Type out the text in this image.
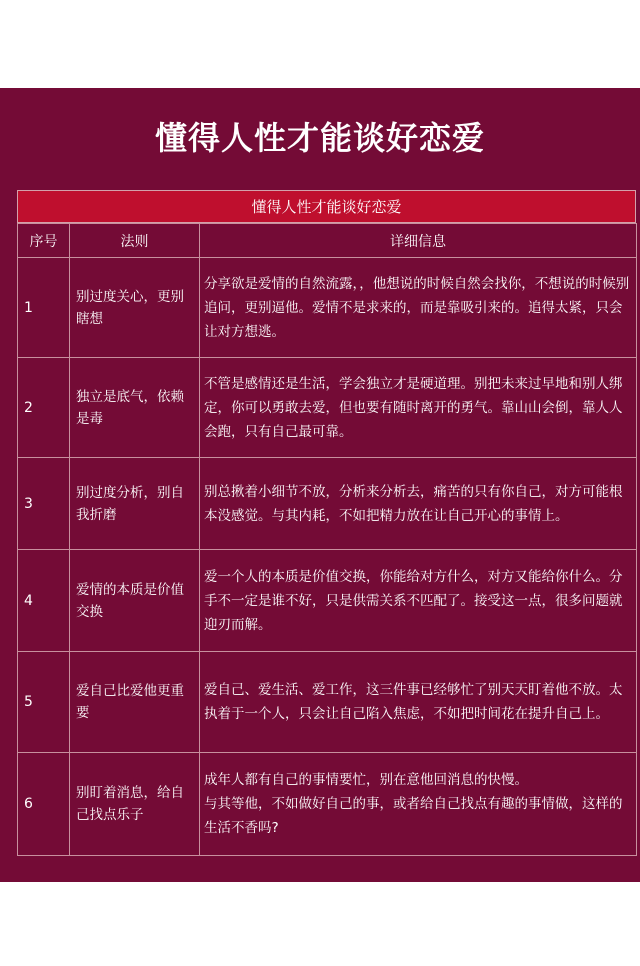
懂得人性才能谈好恋爱
懂得人性才能谈好恋爱
序号	法则	详细信息
1	别过度关心，更别瞎想	分享欲是爱情的自然流露，，他想说的时候自然会找你，不想说的时候别追问，更别逼他。爱情不是求来的，而是靠吸引来的。追得太紧，只会让对方想逃。

2	独立是底气，依赖是毒	不管是感情还是生活，学会独立才是硬道理。别把未来过早地和别人绑定，你可以勇敢去爱，但也要有随时离开的勇气。靠山山会倒，靠人人会跑，只有自己最可靠。

3	别过度分析，别自我折磨	别总揪着小细节不放，分析来分析去，痛苦的只有你自己，对方可能根本没感觉。与其内耗，不如把精力放在让自己开心的事情上。

4	爱情的本质是价值交换	爱一个人的本质是价值交换，你能给对方什么，对方又能给你什么。分手不一定是谁不好，只是供需关系不匹配了。接受这一点，很多问题就迎刃而解。

5	爱自己比爱他更重要	爱自己、爱生活、爱工作，这三件事已经够忙了别天天盯着他不放。太执着于一个人，只会让自己陷入焦虑，不如把时间花在提升自己上。

6	别盯着消息，给自己找点乐子	成年人都有自己的事情要忙，别在意他回消息的快慢。
与其等他，不如做好自己的事，或者给自己找点有趣的事情做，这样的生活不香吗?
